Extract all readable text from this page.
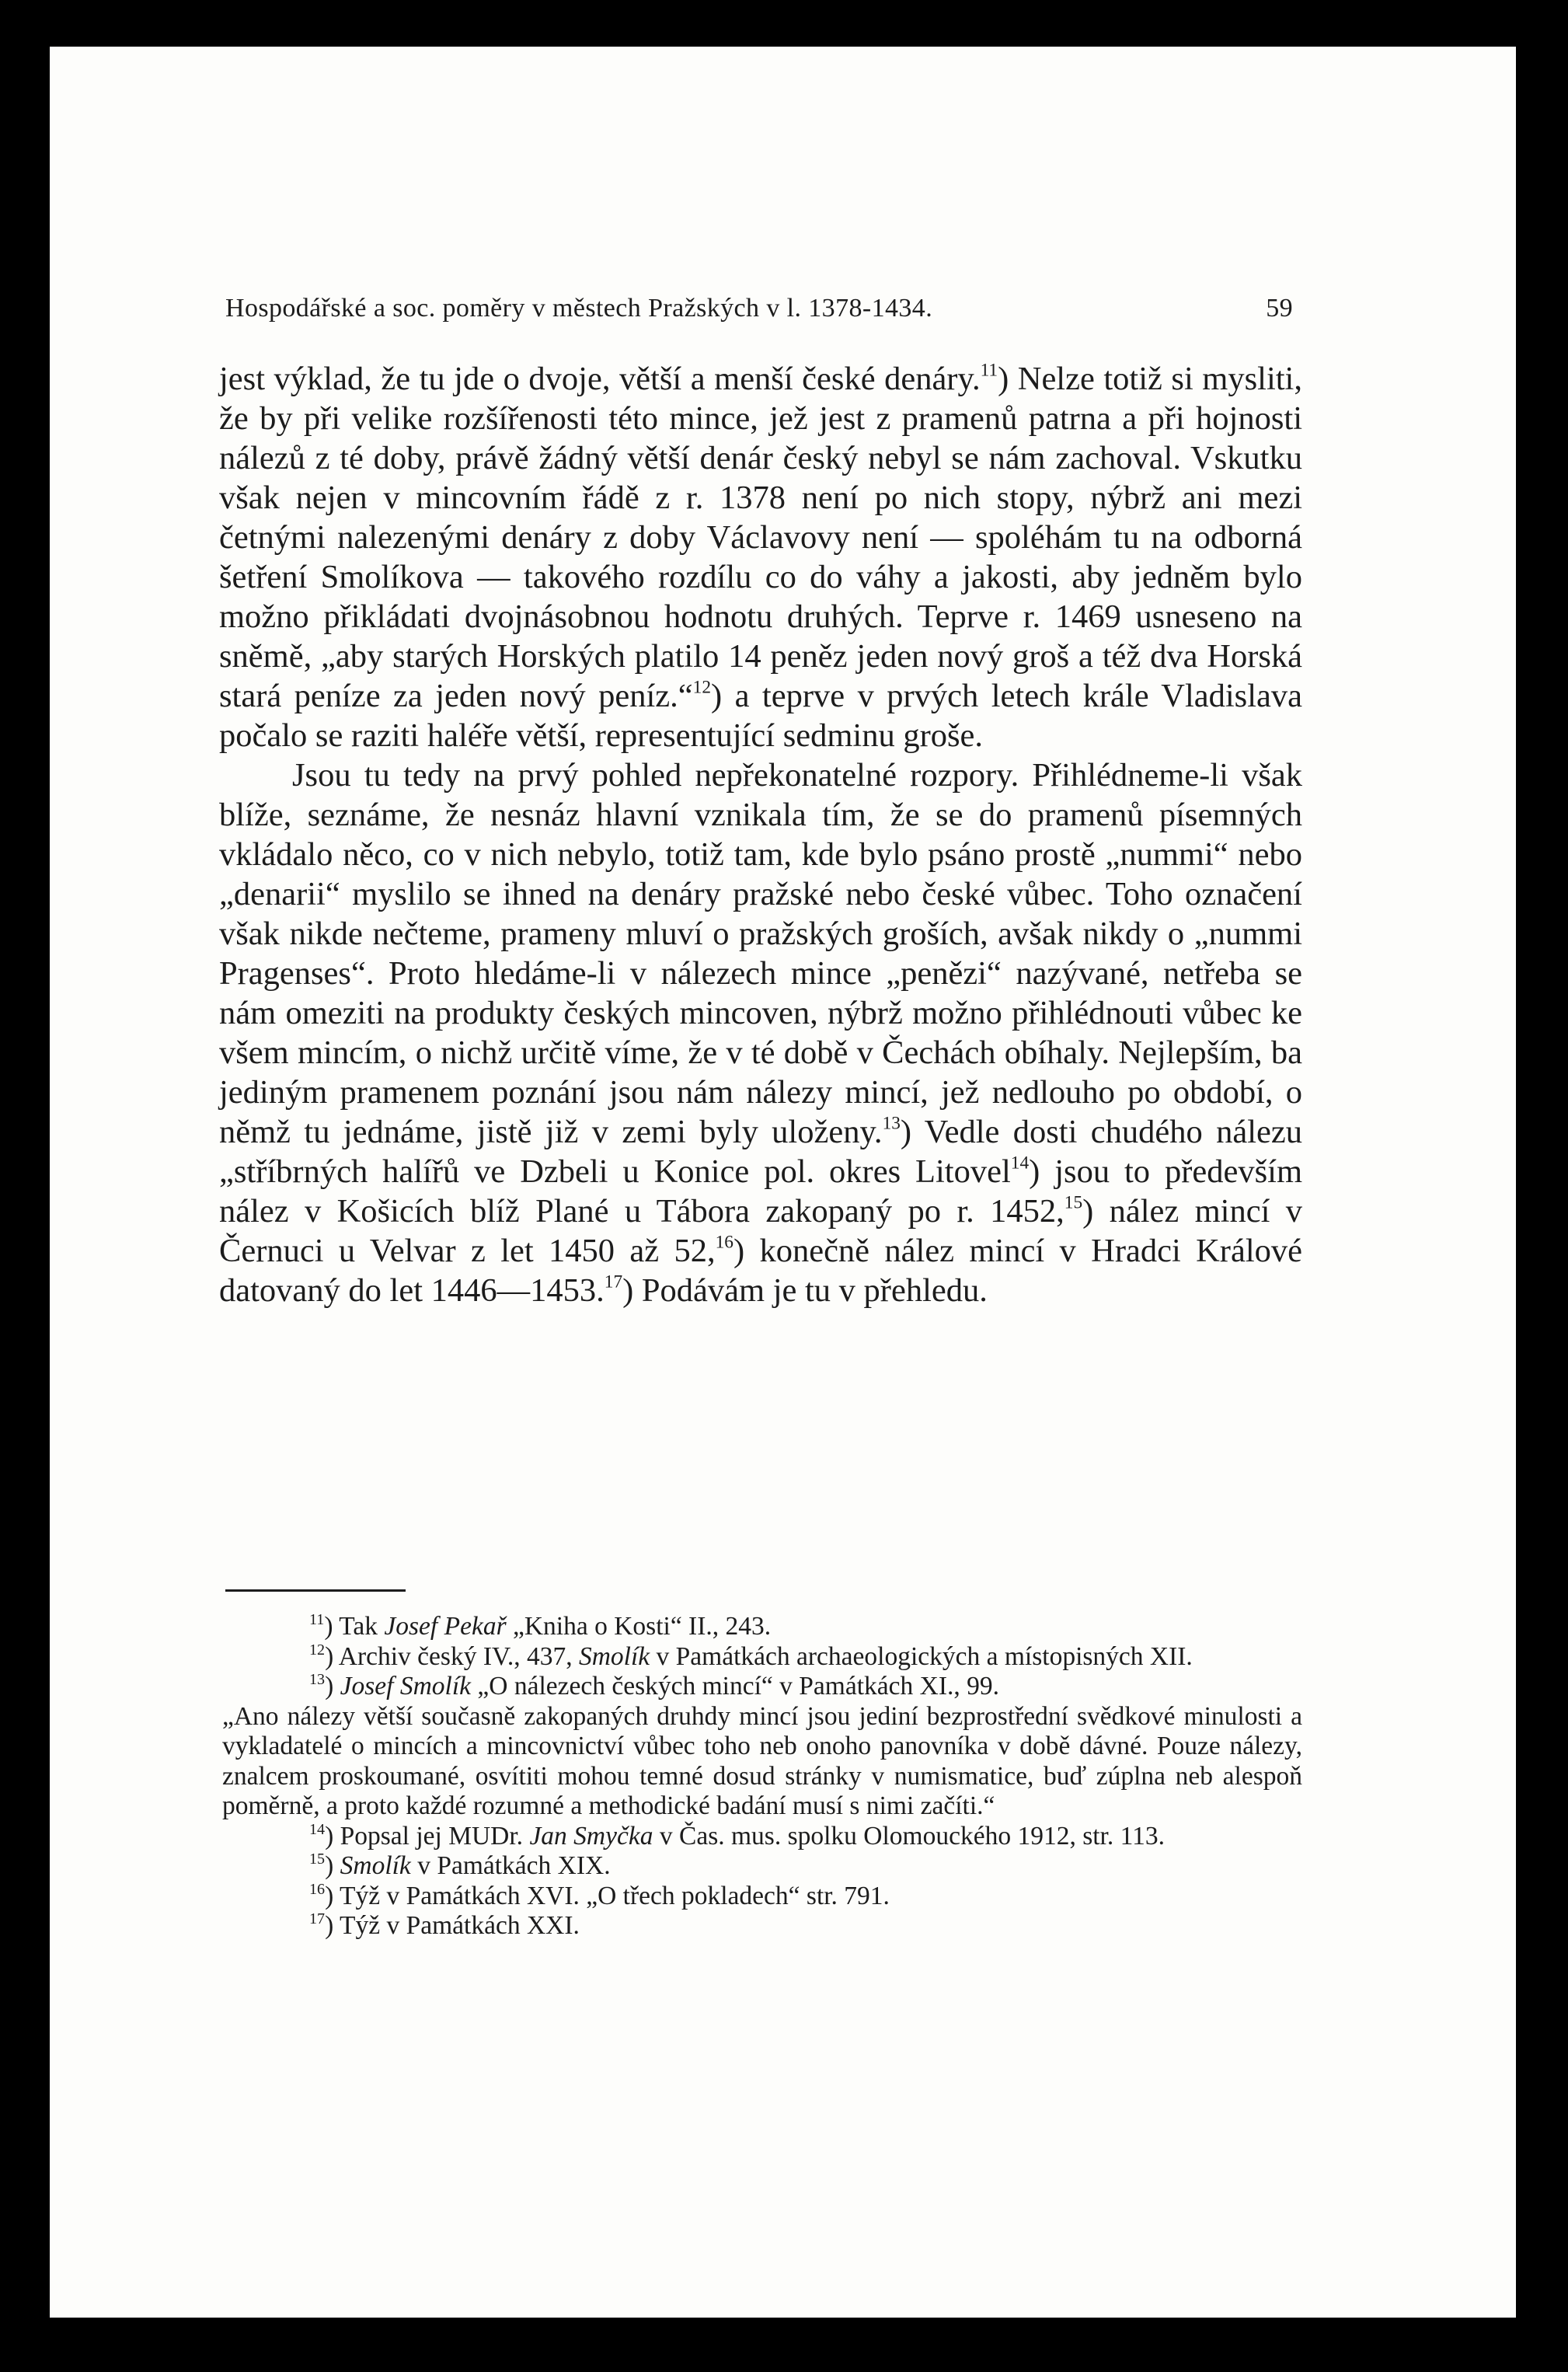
Hospodářské a soc. poměry v městech Pražských v l. 1378-1434.	59

jest výklad, že tu jde o dvoje, větší a menší české denáry.$^{11}$) Nelze totiž si mysliti, že by při velike rozšířenosti této mince, jež jest z pramenů patrna a při hojnosti nálezů z té doby, právě žádný větší denár český nebyl se nám zachoval. Vskutku však nejen v mincovním řádě z r. 1378 není po nich stopy, nýbrž ani mezi četnými nalezenými denáry z doby Václavovy není — spoléhám tu na odborná šetření Smolíkova — takového rozdílu co do váhy a jakosti, aby jedněm bylo možno přikládati dvojnásobnou hodnotu druhých. Teprve r. 1469 usneseno na sněmě, „aby starých Horských platilo 14 peněz jeden nový groš a též dva Horská stará peníze za jeden nový peníz.“$^{12}$) a teprve v prvých letech krále Vladislava počalo se raziti haléře větší, representující sedminu groše.

Jsou tu tedy na prvý pohled nepřekonatelné rozpory. Přihlédneme-li však blíže, seznáme, že nesnáz hlavní vznikala tím, že se do pramenů písemných vkládalo něco, co v nich nebylo, totiž tam, kde bylo psáno prostě „nummi“ nebo „denarii“ myslilo se ihned na denáry pražské nebo české vůbec. Toho označení však nikde nečteme, prameny mluví o pražských groších, avšak nikdy o „nummi Pragenses“. Proto hledáme-li v nálezech mince „penězi“ nazývané, netřeba se nám omeziti na produkty českých mincoven, nýbrž možno přihlédnouti vůbec ke všem mincím, o nichž určitě víme, že v té době v Čechách obíhaly. Nejlepším, ba jediným pramenem poznání jsou nám nálezy mincí, jež nedlouho po období, o němž tu jednáme, jistě již v zemi byly uloženy.$^{13}$) Vedle dosti chudého nálezu „stříbrných halířů ve Dzbeli u Konice pol. okres Litovel$^{14}$) jsou to především nález v Košicích blíž Plané u Tábora zakopaný po r. 1452,15) nález mincí v Černuci u Velvar z let 1450 až 52,16) konečně nález mincí v Hradci Králové datovaný do let 1446—1453.17) Podávám je tu v přehledu.

$^{11}$) Tak Josef Pekař „Kniha o Kosti“ II., 243.

$^{12}$) Archiv český IV., 437, Smolík v Památkách archaeologických a místopisných XII.

$^{13}$) Josef Smolík „O nálezech českých mincí“ v Památkách XI., 99.

„Ano nálezy větší současně zakopaných druhdy mincí jsou jediní bezprostřední svědkové minulosti a vykladatelé o mincích a mincovnictví vůbec toho neb onoho panovníka v době dávné. Pouze nálezy, znalcem proskoumané, osvítiti mohou temné dosud stránky v numismatice, buď zúplna neb alespoň poměrně, a proto každé rozumné a methodické badání musí s nimi začíti.“

$^{14}$) Popsal jej MUDr. Jan Smyčka v Čas. mus. spolku Olomouckého 1912, str. 113.

$^{15}$) Smolík v Památkách XIX.

$^{16}$) Týž v Památkách XVI. „O třech pokladech“ str. 791.

$^{17}$) Týž v Památkách XXI.
